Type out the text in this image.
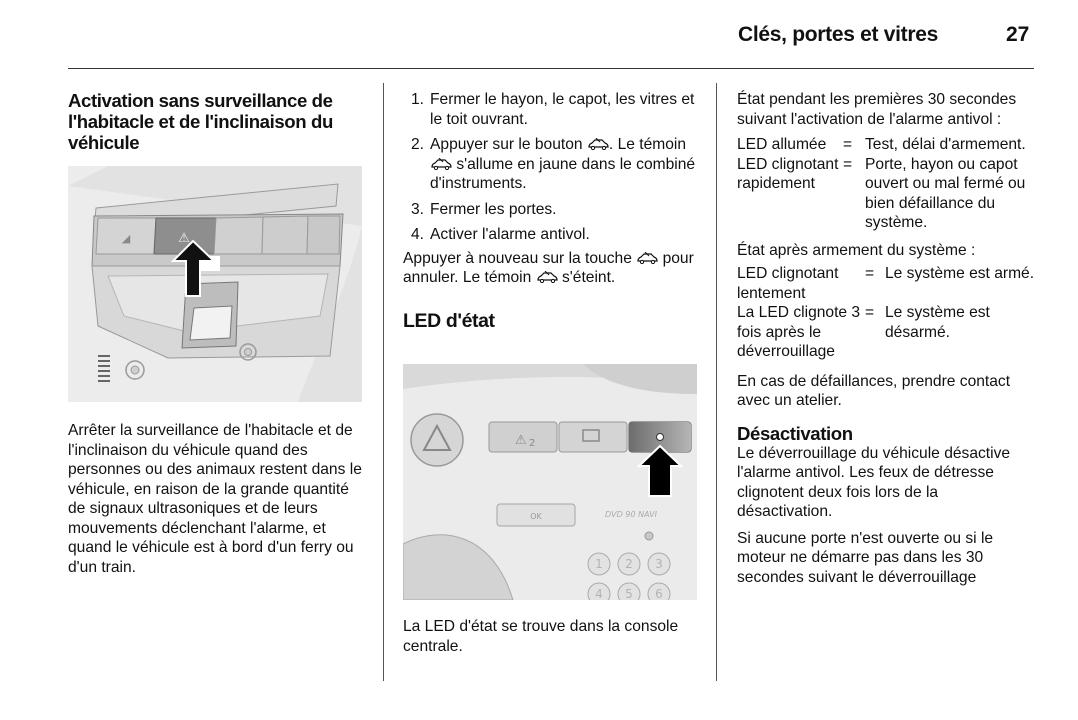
Clés, portes et vitres	27
Activation sans surveillance de l'habitacle et de l'inclinaison du véhicule
⚠
◢

Arrêter la surveillance de l'habitacle et de l'inclinaison du véhicule quand des personnes ou des animaux restent dans le véhicule, en raison de la grande quantité de signaux ultrasoniques et de leurs mouvements déclenchant l'alarme, et quand le véhicule est à bord d'un ferry ou d'un train.

1. Fermer le hayon, le capot, les vitres et le toit ouvrant.
2. Appuyer sur le bouton . Le témoin  s'allume en jaune dans le combiné d'instruments.
3. Fermer les portes.
4. Activer l'alarme antivol.

Appuyer à nouveau sur la touche pour annuler. Le témoin s'éteint.

LED d'état
⚠ 2
OK	DVD 90 NAVI
1 2 3
4 5 6

La LED d'état se trouve dans la console centrale.

État pendant les premières 30 secondes suivant l'activation de l'alarme antivol :

LED allumée	= Test, délai d'armement.
LED clignotant rapidement
= Porte, hayon ou capot ouvert ou mal fermé ou bien défaillance du système.

État après armement du système :

LED clignotant lentement
= Le système est armé.
La LED clignote 3 fois après le déverrouillage
= Le système est désarmé.

En cas de défaillances, prendre contact avec un atelier.

Désactivation

Le déverrouillage du véhicule désactive l'alarme antivol. Les feux de détresse clignotent deux fois lors de la désactivation.

Si aucune porte n'est ouverte ou si le moteur ne démarre pas dans les 30 secondes suivant le déverrouillage
